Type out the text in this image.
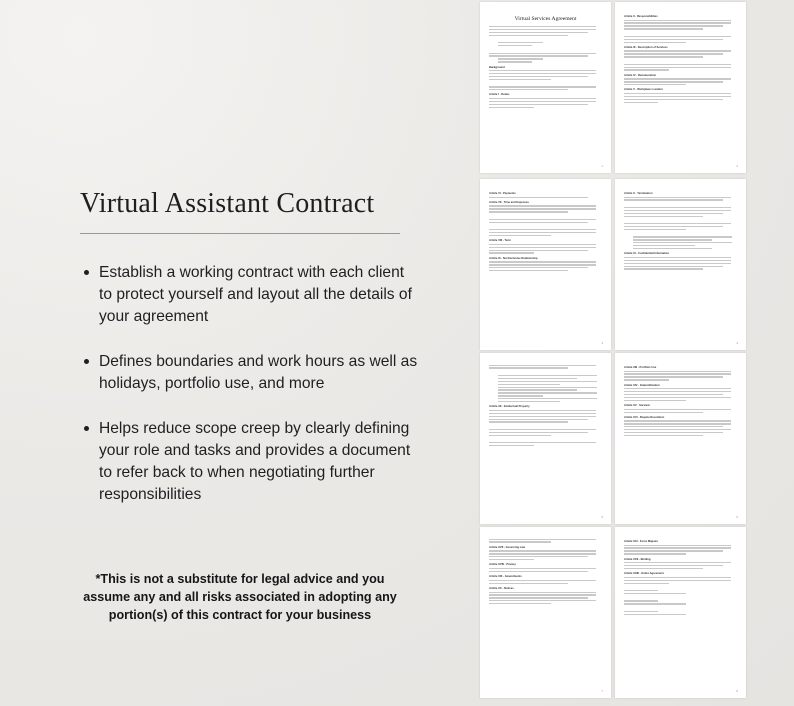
Virtual Assistant Contract
Establish a working contract with each client to protect yourself and layout all the details of your agreement
Defines boundaries and work hours as well as holidays, portfolio use, and more
Helps reduce scope creep by clearly defining your role and tasks and provides a document to refer back to when negotiating further responsibilities
*This is not a substitute for legal advice and you assume any and all risks associated in adopting any portion(s) of this contract for your business
Virtual Services Agreement
Background
Article I - Duties
1
Article II - Responsibilities
Article III - Description of Services
Article IV - Remuneration
Article V - Workplace Location
2
Article VI - Payments
Article VII - Time and Expenses
Article VIII - Term
Article IX - Not Exclusive Relationship
3
Article X - Termination
Article XI - Confidential Information
4
Article XII - Intellectual Property
5
Article XIII - Portfolio Use
Article XIV - Indemnification
Article XV - Survival
Article XVI - Dispute Resolution
6
Article XVII - Governing Law
Article XVIII - Privacy
Article XIX - Amendments
Article XX - Notices
7
Article XXI - Force Majeure
Article XXII - Binding
Article XXIII - Entire Agreement
8
